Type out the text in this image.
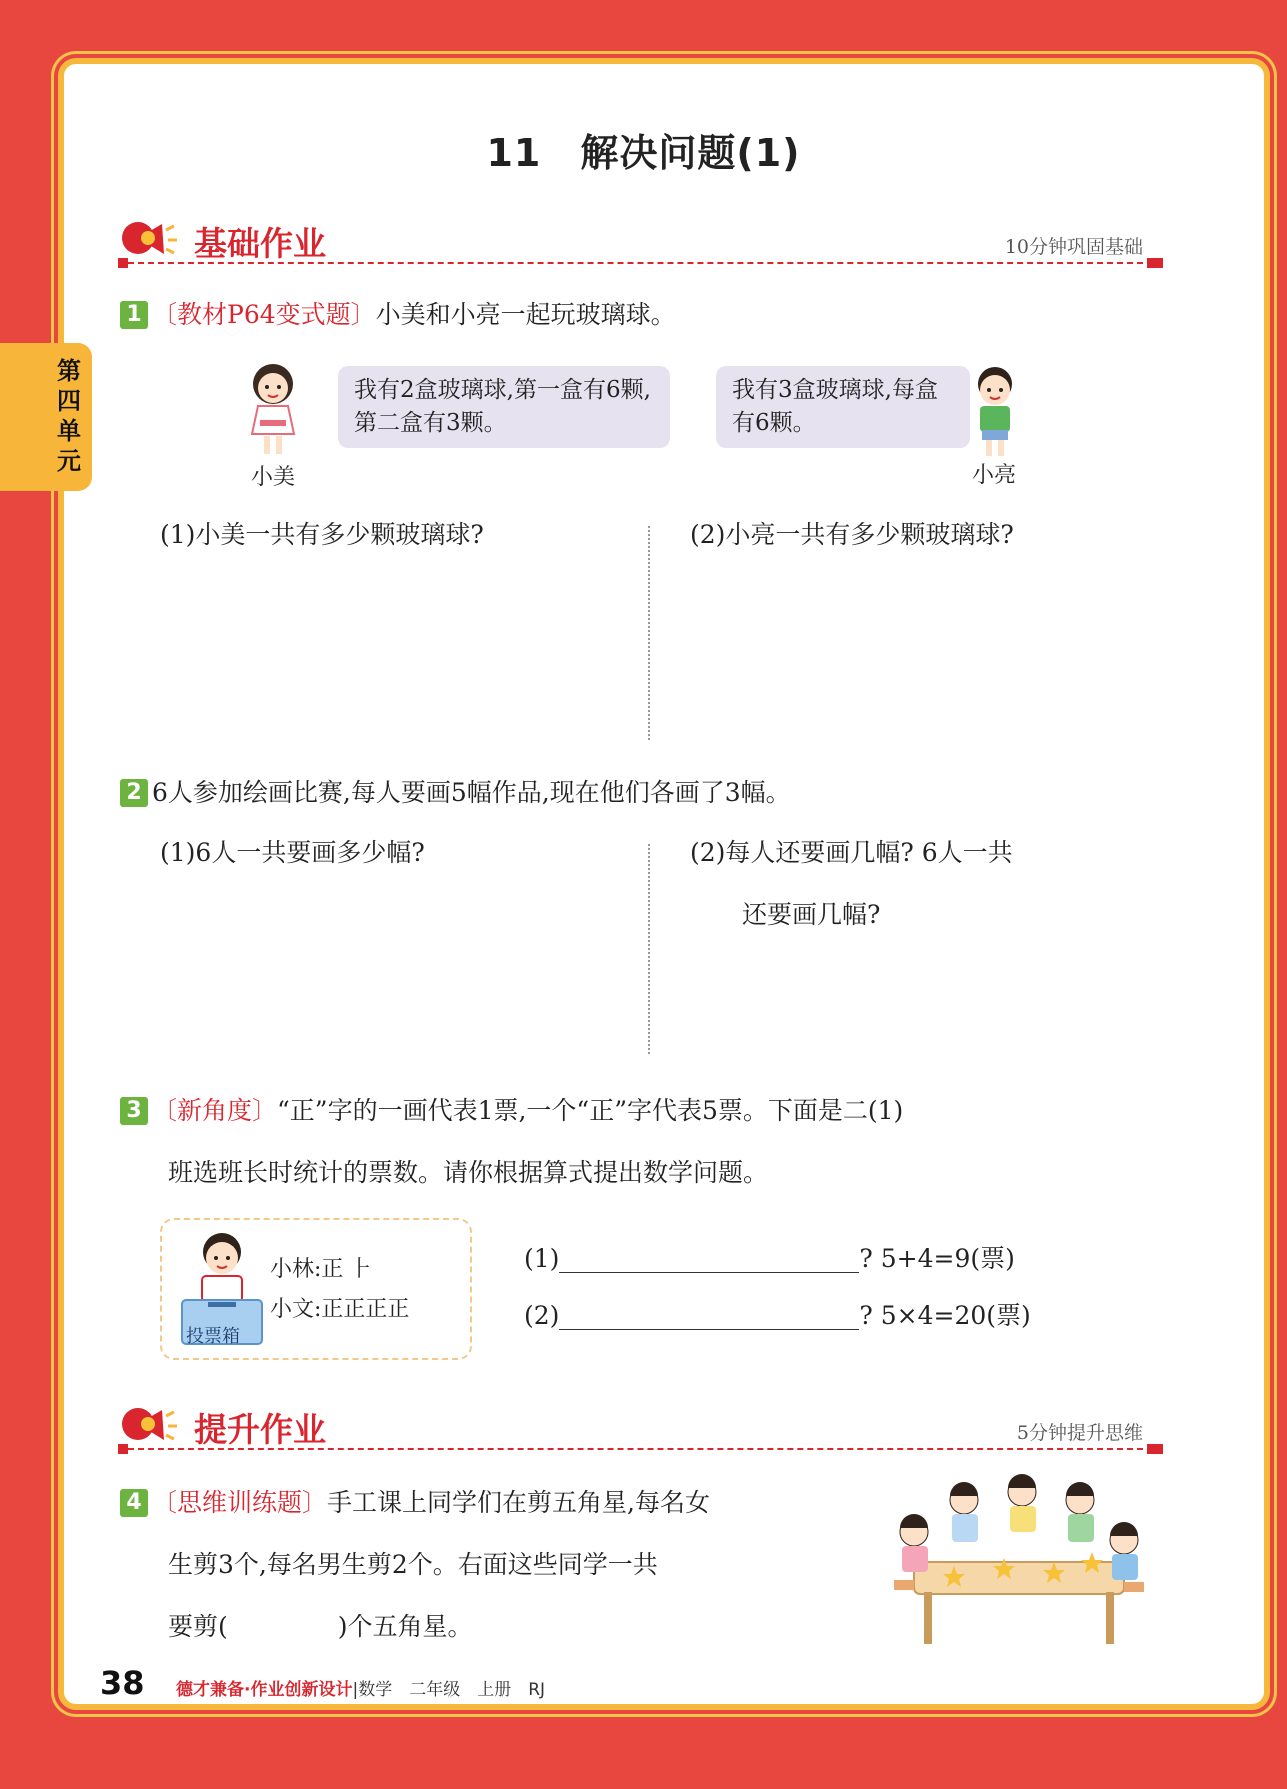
第四单元
11　解决问题(1)
基础作业	10分钟巩固基础
1 〔教材P64变式题〕小美和小亮一起玩玻璃球。
小美
我有2盒玻璃球,第一盒有6颗,第二盒有3颗。
我有3盒玻璃球,每盒有6颗。
小亮
(1)小美一共有多少颗玻璃球?	(2)小亮一共有多少颗玻璃球?
2 6人参加绘画比赛,每人要画5幅作品,现在他们各画了3幅。
(1)6人一共要画多少幅?	(2)每人还要画几幅? 6人一共
还要画几幅?
3 〔新角度〕“正”字的一画代表1票,一个“正”字代表5票。下面是二(1)
班选班长时统计的票数。请你根据算式提出数学问题。
投票箱
小林:正 ⺊
小文:正正正正
(1)	? 5+4=9(票)
(2)	? 5×4=20(票)
提升作业	5分钟提升思维
4 〔思维训练题〕手工课上同学们在剪五角星,每名女
生剪3个,每名男生剪2个。右面这些同学一共
要剪(	)个五角星。
38 德才兼备·作业创新设计|数学　二年级　上册　RJ
